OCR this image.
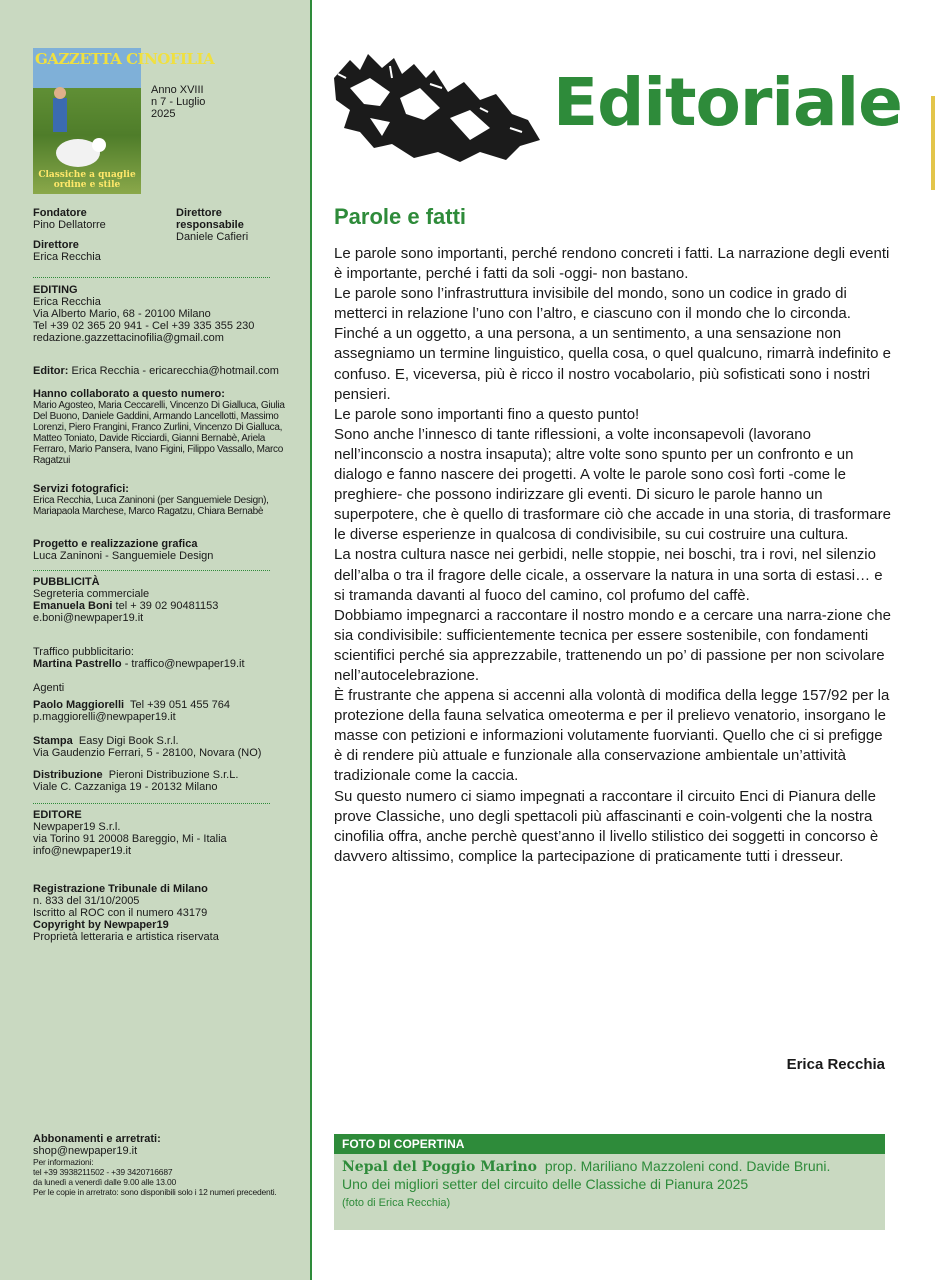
GAZZETTA CINOFILIA
Classiche a quaglie ordine e stile
Anno XVIII
n 7 - Luglio
2025
Fondatore
Pino Dellatorre
Direttore responsabile
Daniele Cafieri
Direttore
Erica Recchia
EDITING
Erica Recchia
Via Alberto Mario, 68 - 20100 Milano
Tel +39 02 365 20 941 - Cel +39 335 355 230
redazione.gazzettacinofilia@gmail.com
Editor: Erica Recchia - ericarecchia@hotmail.com
Hanno collaborato a questo numero:

Mario Agosteo, Maria Ceccarelli, Vincenzo Di Gialluca, Giulia Del Buono, Daniele Gaddini, Armando Lancellotti, Massimo Lorenzi, Piero Frangini, Franco Zurlini, Vincenzo Di Gialluca, Matteo Toniato, Davide Ricciardi, Gianni Bernabè, Ariela Ferraro, Mario Pansera, Ivano Figini, Filippo Vassallo, Marco Ragatzui
Servizi fotografici:

Erica Recchia, Luca Zaninoni (per Sanguemiele Design), Mariapaola Marchese, Marco Ragatzu, Chiara Bernabè
Progetto e realizzazione grafica
Luca Zaninoni - Sanguemiele Design
PUBBLICITÀ
Segreteria commerciale
Emanuela Boni tel + 39 02 90481153
e.boni@newpaper19.it
Traffico pubblicitario:
Martina Pastrello - traffico@newpaper19.it
Agenti
Paolo Maggiorelli Tel +39 051 455 764
p.maggiorelli@newpaper19.it
Stampa Easy Digi Book S.r.l.
Via Gaudenzio Ferrari, 5 - 28100, Novara (NO)
Distribuzione Pieroni Distribuzione S.r.L.
Viale C. Cazzaniga 19 - 20132 Milano
EDITORE
Newpaper19 S.r.l.
via Torino 91 20008 Bareggio, Mi - Italia
info@newpaper19.it
Registrazione Tribunale di Milano
n. 833 del 31/10/2005
Iscritto al ROC con il numero 43179
Copyright by Newpaper19
Proprietà letteraria e artistica riservata
Abbonamenti e arretrati:
shop@newpaper19.it
Per informazioni:
tel +39 3938211502 - +39 3420716687
da lunedì a venerdì dalle 9.00 alle 13.00
Per le copie in arretrato: sono disponibili solo i 12 numeri precedenti.
Editoriale
Parole e fatti

Le parole sono importanti, perché rendono concreti i fatti. La narrazione degli eventi è importante, perché i fatti da soli -oggi- non bastano.

Le parole sono l’infrastruttura invisibile del mondo, sono un codice in grado di metterci in relazione l’uno con l’altro, e ciascuno con il mondo che lo circonda.

Finché a un oggetto, a una persona, a un sentimento, a una sensazione non assegniamo un termine linguistico, quella cosa, o quel qualcuno, rimarrà indefinito e confuso. E, viceversa, più è ricco il nostro vocabolario, più sofisticati sono i nostri pensieri.

Le parole sono importanti fino a questo punto!

Sono anche l’innesco di tante riflessioni, a volte inconsapevoli (lavorano nell’inconscio a nostra insaputa); altre volte sono spunto per un confronto e un dialogo e fanno nascere dei progetti. A volte le parole sono così forti -come le preghiere- che possono indirizzare gli eventi. Di sicuro le parole hanno un superpotere, che è quello di trasformare ciò che accade in una storia, di trasformare le diverse esperienze in qualcosa di condivisibile, su cui costruire una cultura.

La nostra cultura nasce nei gerbidi, nelle stoppie, nei boschi, tra i rovi, nel silenzio dell’alba o tra il fragore delle cicale, a osservare la natura in una sorta di estasi… e si tramanda davanti al fuoco del camino, col profumo del caffè.

Dobbiamo impegnarci a raccontare il nostro mondo e a cercare una narra-zione che sia condivisibile: sufficientemente tecnica per essere sostenibile, con fondamenti scientifici perché sia apprezzabile, trattenendo un po’ di passione per non scivolare nell’autocelebrazione.

È frustrante che appena si accenni alla volontà di modifica della legge 157/92 per la protezione della fauna selvatica omeoterma e per il prelievo venatorio, insorgano le masse con petizioni e informazioni volutamente fuorvianti. Quello che ci si prefigge è di rendere più attuale e funzionale alla conservazione ambientale un’attività tradizionale come la caccia.

Su questo numero ci siamo impegnati a raccontare il circuito Enci di Pianura delle prove Classiche, uno degli spettacoli più affascinanti e coin-volgenti che la nostra cinofilia offra, anche perchè quest’anno il livello stilistico dei soggetti in concorso è davvero altissimo, complice la partecipazione di praticamente tutti i dresseur.

Erica Recchia
FOTO DI COPERTINA
Nepal del Poggio Marino prop. Mariliano Mazzoleni cond. Davide Bruni.
Uno dei migliori setter del circuito delle Classiche di Pianura 2025
(foto di Erica Recchia)
